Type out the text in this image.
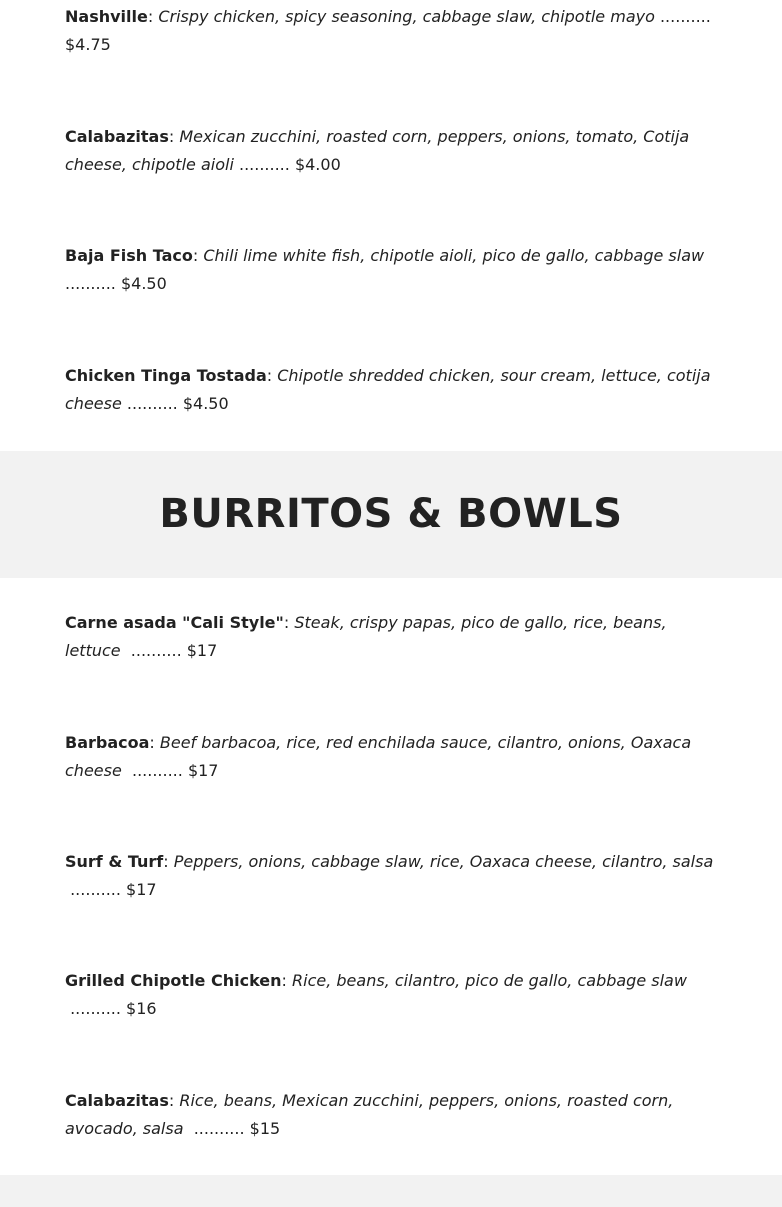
Nashville: Crispy chicken, spicy seasoning, cabbage slaw, chipotle mayo .......... $4.75
Calabazitas: Mexican zucchini, roasted corn, peppers, onions, tomato, Cotija cheese, chipotle aioli .......... $4.00
Baja Fish Taco: Chili lime white fish, chipotle aioli, pico de gallo, cabbage slaw .......... $4.50
Chicken Tinga Tostada: Chipotle shredded chicken, sour cream, lettuce, cotija cheese .......... $4.50
BURRITOS & BOWLS
Carne asada "Cali Style": Steak, crispy papas, pico de gallo, rice, beans, lettuce .......... $17
Barbacoa: Beef barbacoa, rice, red enchilada sauce, cilantro, onions, Oaxaca cheese .......... $17
Surf & Turf: Peppers, onions, cabbage slaw, rice, Oaxaca cheese, cilantro, salsa  .......... $17
Grilled Chipotle Chicken: Rice, beans, cilantro, pico de gallo, cabbage slaw  .......... $16
Calabazitas: Rice, beans, Mexican zucchini, peppers, onions, roasted corn, avocado, salsa .......... $15
